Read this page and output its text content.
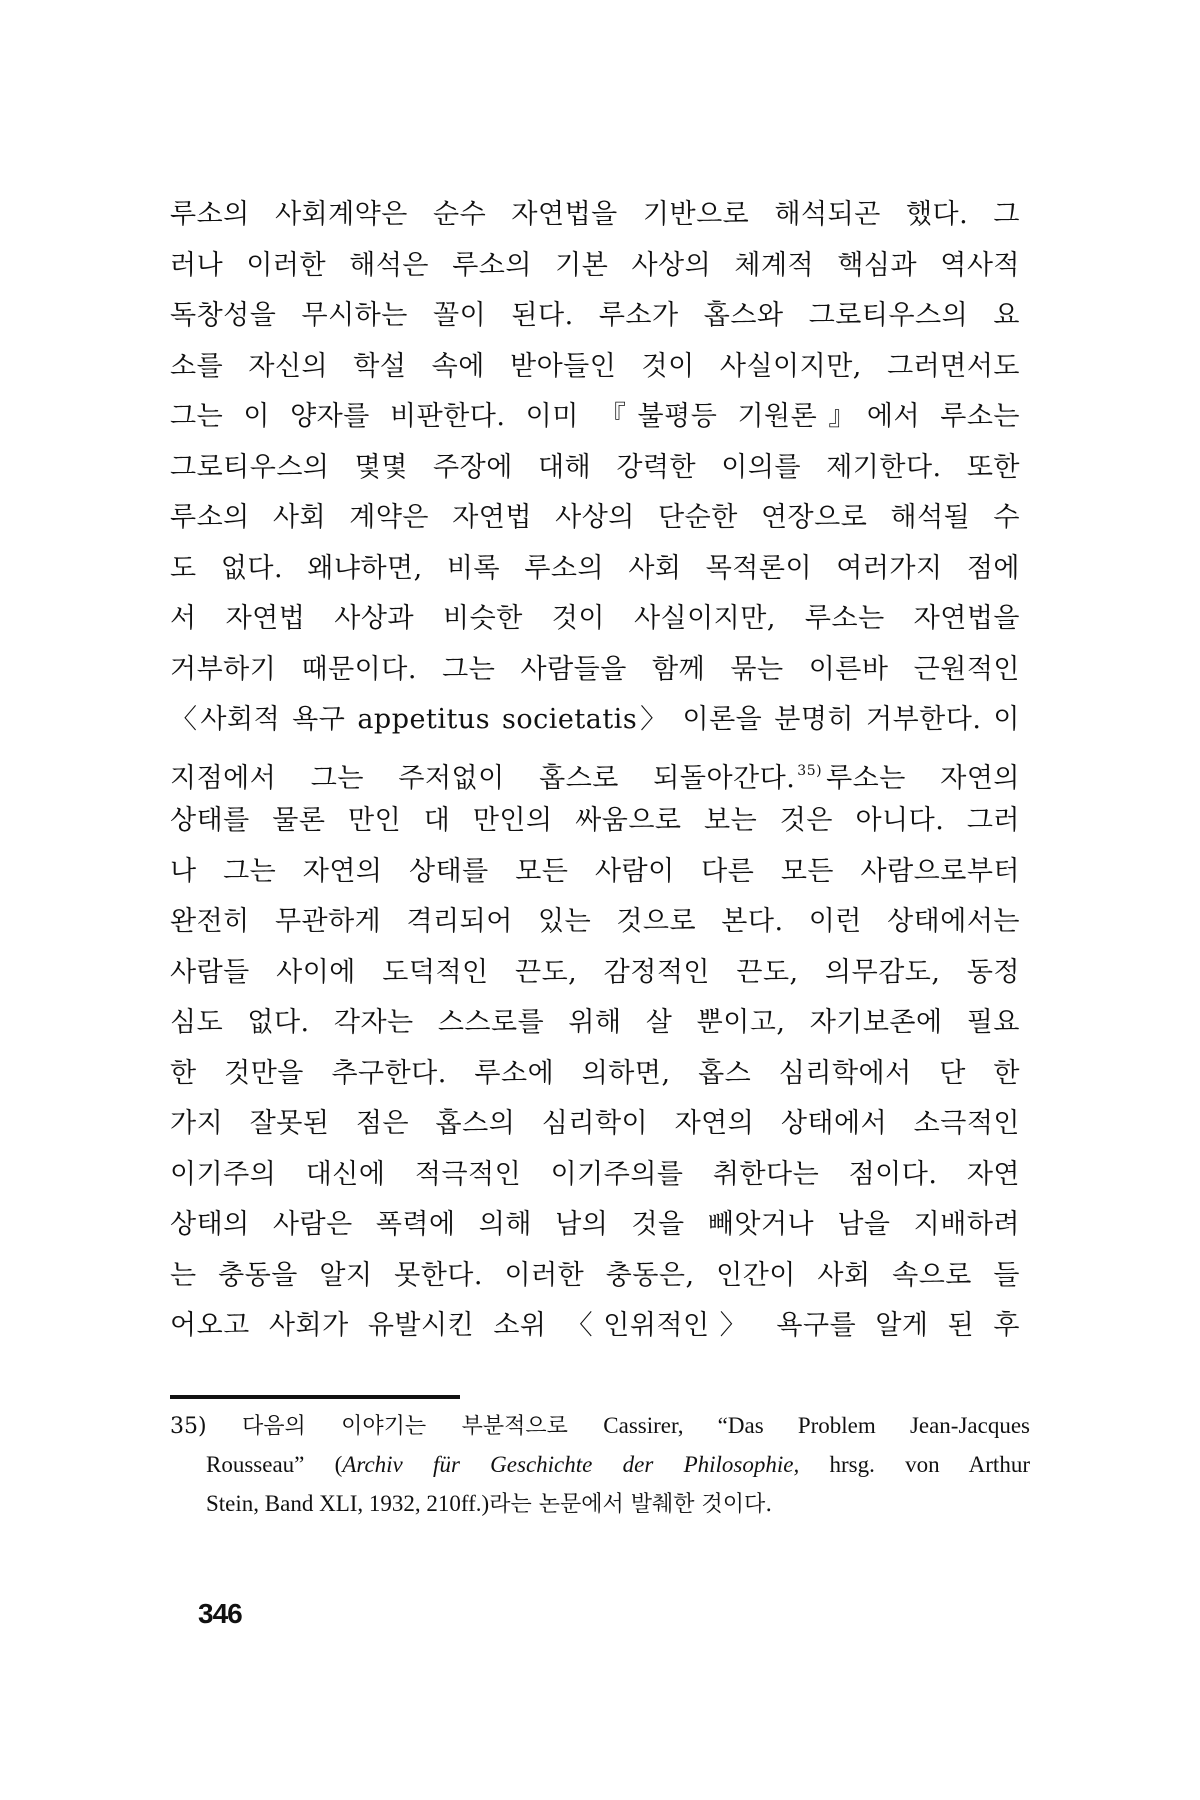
루소의 사회계약은 순수 자연법을 기반으로 해석되곤 했다. 그
러나 이러한 해석은 루소의 기본 사상의 체계적 핵심과 역사적
독창성을 무시하는 꼴이 된다. 루소가 홉스와 그로티우스의 요
소를 자신의 학설 속에 받아들인 것이 사실이지만, 그러면서도
그는 이 양자를 비판한다. 이미 『불평등 기원론』에서 루소는
그로티우스의 몇몇 주장에 대해 강력한 이의를 제기한다. 또한
루소의 사회 계약은 자연법 사상의 단순한 연장으로 해석될 수
도 없다. 왜냐하면, 비록 루소의 사회 목적론이 여러가지 점에
서 자연법 사상과 비슷한 것이 사실이지만, 루소는 자연법을
거부하기 때문이다. 그는 사람들을 함께 묶는 이른바 근원적인
〈사회적 욕구 appetitus societatis〉 이론을 분명히 거부한다. 이
지점에서 그는 주저없이 홉스로 되돌아간다. $^{35)}$ 루소는 자연의
상태를 물론 만인 대 만인의 싸움으로 보는 것은 아니다. 그러
나 그는 자연의 상태를 모든 사람이 다른 모든 사람으로부터
완전히 무관하게 격리되어 있는 것으로 본다. 이런 상태에서는
사람들 사이에 도덕적인 끈도, 감정적인 끈도, 의무감도, 동정
심도 없다. 각자는 스스로를 위해 살 뿐이고, 자기보존에 필요
한 것만을 추구한다. 루소에 의하면, 홉스 심리학에서 단 한
가지 잘못된 점은 홉스의 심리학이 자연의 상태에서 소극적인
이기주의 대신에 적극적인 이기주의를 취한다는 점이다. 자연
상태의 사람은 폭력에 의해 남의 것을 빼앗거나 남을 지배하려
는 충동을 알지 못한다. 이러한 충동은, 인간이 사회 속으로 들
어오고 사회가 유발시킨 소위 〈인위적인〉 욕구를 알게 된 후
35) 다음의 이야기는 부분적으로 Cassirer, “Das Problem Jean-Jacques
Rousseau” (Archiv für Geschichte der Philosophie, hrsg. von Arthur
Stein, Band XLI, 1932, 210ff.)라는 논문에서 발췌한 것이다.
346
